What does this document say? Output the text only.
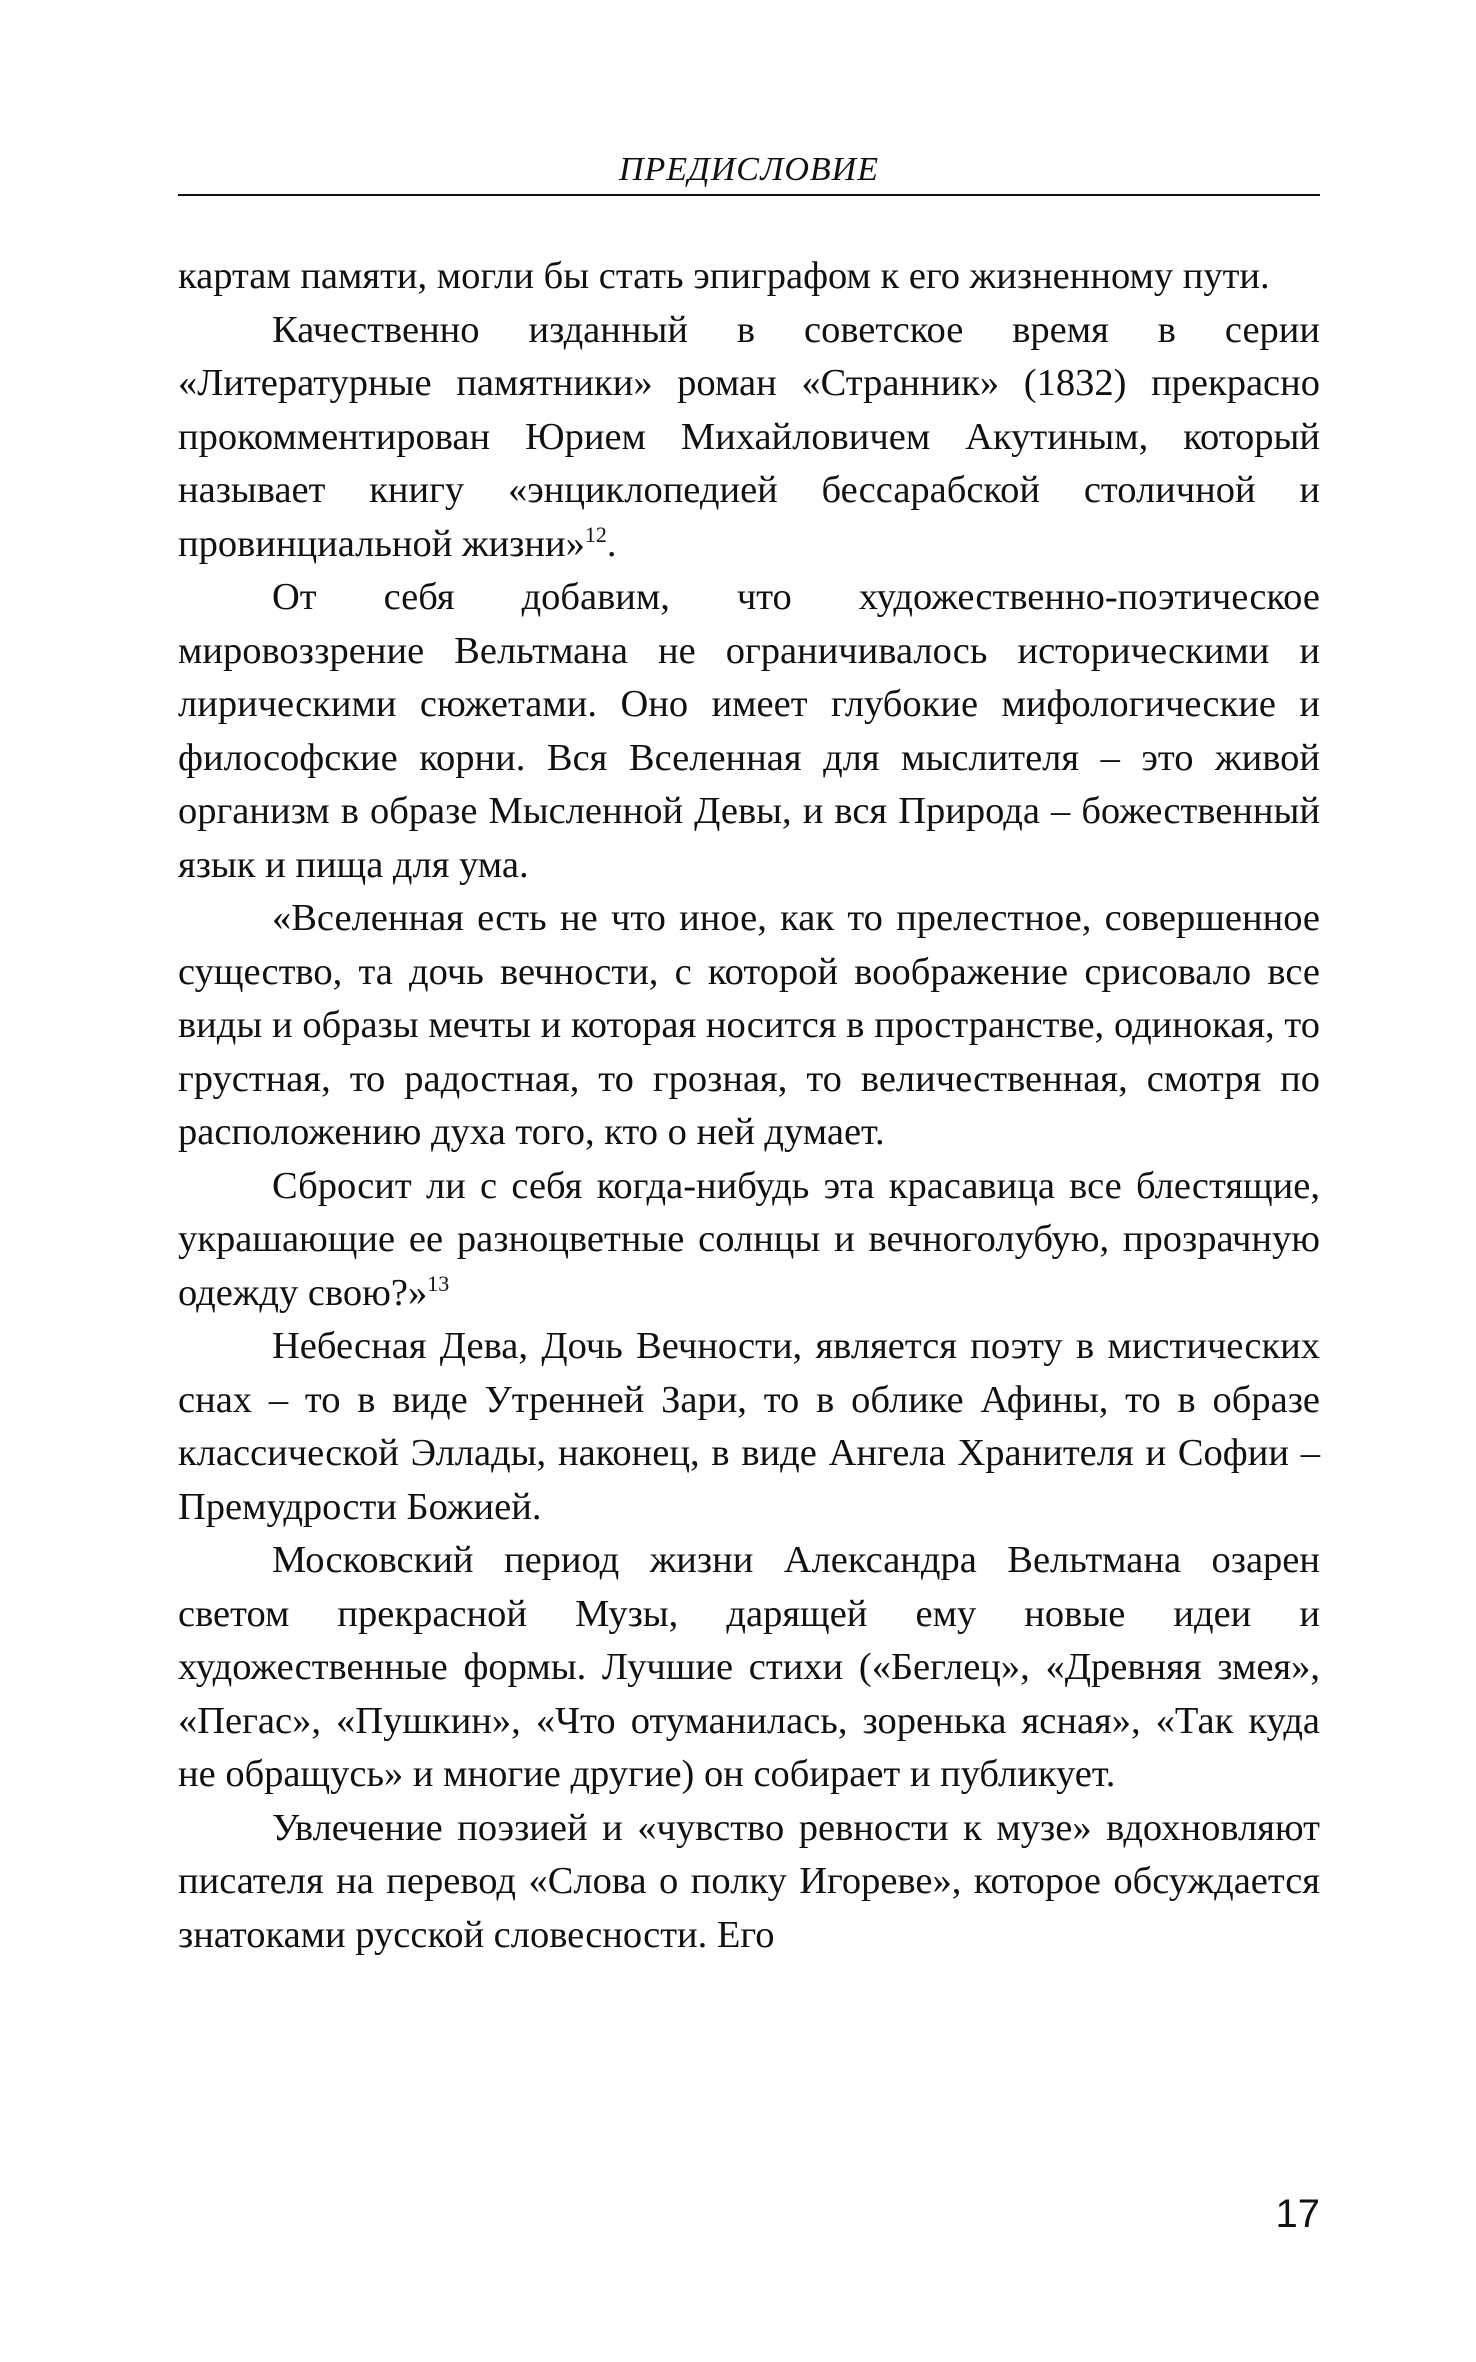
ПРЕДИСЛОВИЕ

картам памяти, могли бы стать эпиграфом к его жизненному пути.

Качественно изданный в советское время в серии «Литературные памятники» роман «Странник» (1832) прекрасно прокомментирован Юрием Михайловичем Акутиным, который называет книгу «энциклопедией бессарабской столичной и провинциальной жизни»$^{12}$.

От себя добавим, что художественно-поэтическое мировоззрение Вельтмана не ограничивалось историческими и лирическими сюжетами. Оно имеет глубокие мифологические и философские корни. Вся Вселенная для мыслителя – это живой организм в образе Мысленной Девы, и вся Природа – божественный язык и пища для ума.

«Вселенная есть не что иное, как то прелестное, совершенное существо, та дочь вечности, с которой воображение срисовало все виды и образы мечты и которая носится в пространстве, одинокая, то грустная, то радостная, то грозная, то величественная, смотря по расположению духа того, кто о ней думает.

Сбросит ли с себя когда-нибудь эта красавица все блестящие, украшающие ее разноцветные солнцы и вечноголубую, прозрачную одежду свою?»$^{13}$

Небесная Дева, Дочь Вечности, является поэту в мистических снах – то в виде Утренней Зари, то в облике Афины, то в образе классической Эллады, наконец, в виде Ангела Хранителя и Софии – Премудрости Божией.

Московский период жизни Александра Вельтмана озарен светом прекрасной Музы, дарящей ему новые идеи и художественные формы. Лучшие стихи («Беглец», «Древняя змея», «Пегас», «Пушкин», «Что отуманилась, зоренька ясная», «Так куда не обращусь» и многие другие) он собирает и публикует.

Увлечение поэзией и «чувство ревности к музе» вдохновляют писателя на перевод «Слова о полку Игореве», которое обсуждается знатоками русской словесности. Его

17
